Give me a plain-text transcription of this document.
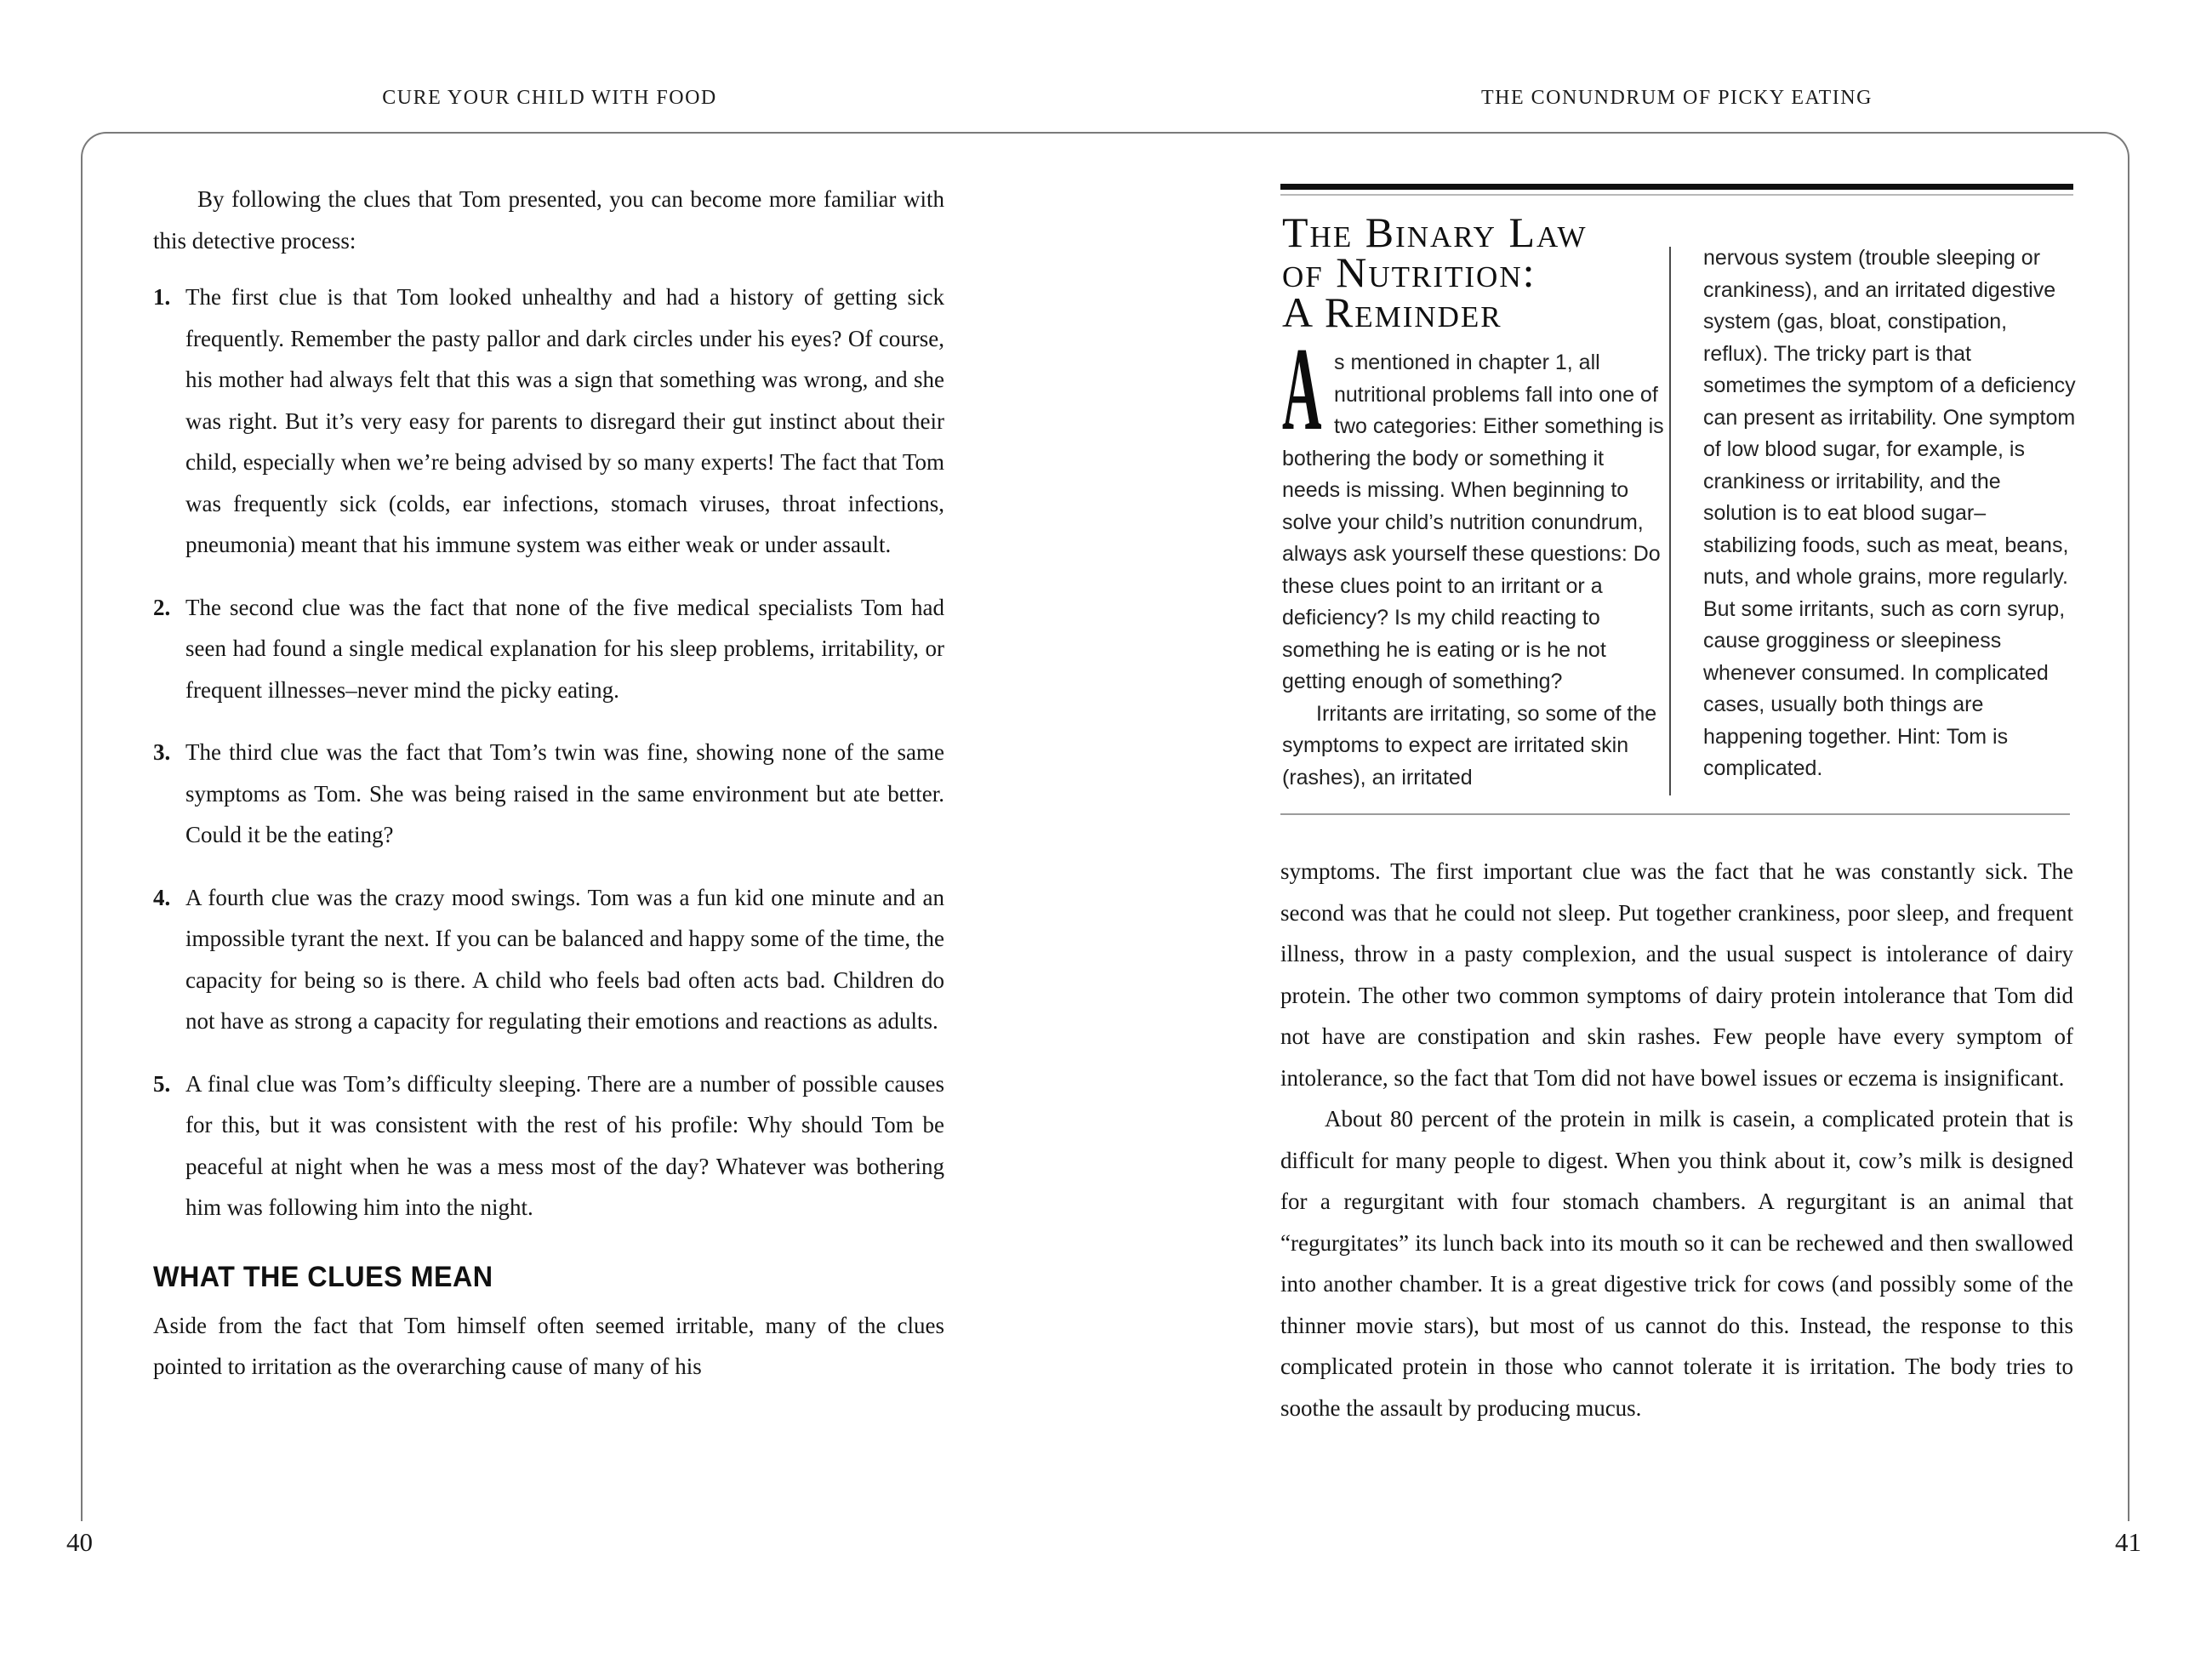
CURE YOUR CHILD WITH FOOD	THE CONUNDRUM OF PICKY EATING

By following the clues that Tom presented, you can become more familiar with this detective process:

1. The first clue is that Tom looked unhealthy and had a history of getting sick frequently. Remember the pasty pallor and dark circles under his eyes? Of course, his mother had always felt that this was a sign that something was wrong, and she was right. But it’s very easy for parents to disregard their gut instinct about their child, especially when we’re being advised by so many experts! The fact that Tom was frequently sick (colds, ear infections, stomach viruses, throat infections, pneumonia) meant that his immune system was either weak or under assault.
2. The second clue was the fact that none of the five medical specialists Tom had seen had found a single medical explanation for his sleep problems, irritability, or frequent illnesses–never mind the picky eating.
3. The third clue was the fact that Tom’s twin was fine, showing none of the same symptoms as Tom. She was being raised in the same environment but ate better. Could it be the eating?
4. A fourth clue was the crazy mood swings. Tom was a fun kid one minute and an impossible tyrant the next. If you can be balanced and happy some of the time, the capacity for being so is there. A child who feels bad often acts bad. Children do not have as strong a capacity for regulating their emotions and reactions as adults.
5. A final clue was Tom’s difficulty sleeping. There are a number of possible causes for this, but it was consistent with the rest of his profile: Why should Tom be peaceful at night when he was a mess most of the day? Whatever was bothering him was following him into the night.
WHAT THE CLUES MEAN

Aside from the fact that Tom himself often seemed irritable, many of the clues pointed to irritation as the overarching cause of many of his

The Binary Law
of Nutrition:
A Reminder
As mentioned in chapter 1, all nutritional problems fall into one of two categories: Either something is bothering the body or something it needs is missing. When beginning to solve your child’s nutrition conundrum, always ask yourself these questions: Do these clues point to an irritant or a deficiency? Is my child reacting to something he is eating or is he not getting enough of something?

Irritants are irritating, so some of the symptoms to expect are irritated skin (rashes), an irritated

nervous system (trouble sleeping or crankiness), and an irritated digestive system (gas, bloat, constipation, reflux). The tricky part is that sometimes the symptom of a deficiency can present as irritability. One symptom of low blood sugar, for example, is crankiness or irritability, and the solution is to eat blood sugar–stabilizing foods, such as meat, beans, nuts, and whole grains, more regularly. But some irritants, such as corn syrup, cause grogginess or sleepiness whenever consumed. In complicated cases, usually both things are happening together. Hint: Tom is complicated.

symptoms. The first important clue was the fact that he was constantly sick. The second was that he could not sleep. Put together crankiness, poor sleep, and frequent illness, throw in a pasty complexion, and the usual suspect is intolerance of dairy protein. The other two common symptoms of dairy protein intolerance that Tom did not have are constipation and skin rashes. Few people have every symptom of intolerance, so the fact that Tom did not have bowel issues or eczema is insignificant.

About 80 percent of the protein in milk is casein, a complicated protein that is difficult for many people to digest. When you think about it, cow’s milk is designed for a regurgitant with four stomach chambers. A regurgitant is an animal that “regurgitates” its lunch back into its mouth so it can be rechewed and then swallowed into another chamber. It is a great digestive trick for cows (and possibly some of the thinner movie stars), but most of us cannot do this. Instead, the response to this complicated protein in those who cannot tolerate it is irritation. The body tries to soothe the assault by producing mucus.

40	41
